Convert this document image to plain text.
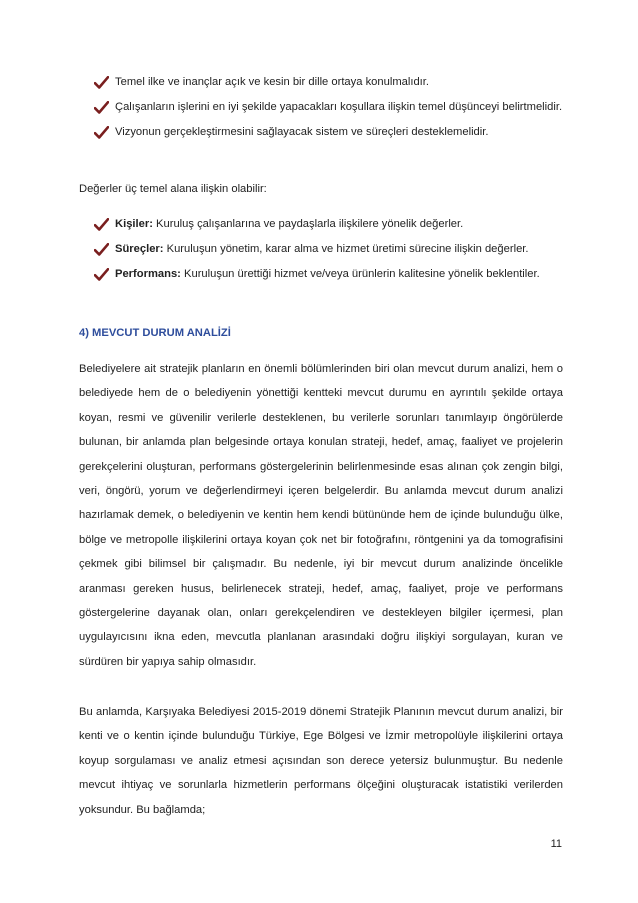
Temel ilke ve inançlar açık ve kesin bir dille ortaya konulmalıdır.
Çalışanların işlerini en iyi şekilde yapacakları koşullara ilişkin temel düşünceyi belirtmelidir.
Vizyonun gerçekleştirmesini sağlayacak sistem ve süreçleri desteklemelidir.

Değerler üç temel alana ilişkin olabilir:

Kişiler: Kuruluş çalışanlarına ve paydaşlarla ilişkilere yönelik değerler.
Süreçler: Kuruluşun yönetim, karar alma ve hizmet üretimi sürecine ilişkin değerler.
Performans: Kuruluşun ürettiği hizmet ve/veya ürünlerin kalitesine yönelik beklentiler.
4) MEVCUT DURUM ANALİZİ

Belediyelere ait stratejik planların en önemli bölümlerinden biri olan mevcut durum analizi, hem o belediyede hem de o belediyenin yönettiği kentteki mevcut durumu en ayrıntılı şekilde ortaya koyan, resmi ve güvenilir verilerle desteklenen, bu verilerle sorunları tanımlayıp öngörülerde bulunan, bir anlamda plan belgesinde ortaya konulan strateji, hedef, amaç, faaliyet ve projelerin gerekçelerini oluşturan, performans göstergelerinin belirlenmesinde esas alınan çok zengin bilgi, veri, öngörü, yorum ve değerlendirmeyi içeren belgelerdir. Bu anlamda mevcut durum analizi hazırlamak demek, o belediyenin ve kentin hem kendi bütününde hem de içinde bulunduğu ülke, bölge ve metropolle ilişkilerini ortaya koyan çok net bir fotoğrafını, röntgenini ya da tomografisini çekmek gibi bilimsel bir çalışmadır. Bu nedenle, iyi bir mevcut durum analizinde öncelikle aranması gereken husus, belirlenecek strateji, hedef, amaç, faaliyet, proje ve performans göstergelerine dayanak olan, onları gerekçelendiren ve destekleyen bilgiler içermesi, plan uygulayıcısını ikna eden, mevcutla planlanan arasındaki doğru ilişkiyi sorgulayan, kuran ve sürdüren bir yapıya sahip olmasıdır.

Bu anlamda, Karşıyaka Belediyesi 2015-2019 dönemi Stratejik Planının mevcut durum analizi, bir kenti ve o kentin içinde bulunduğu Türkiye, Ege Bölgesi ve İzmir metropolüyle ilişkilerini ortaya koyup sorgulaması ve analiz etmesi açısından son derece yetersiz bulunmuştur. Bu nedenle mevcut ihtiyaç ve sorunlarla hizmetlerin performans ölçeğini oluşturacak istatistiki verilerden yoksundur. Bu bağlamda;

11
